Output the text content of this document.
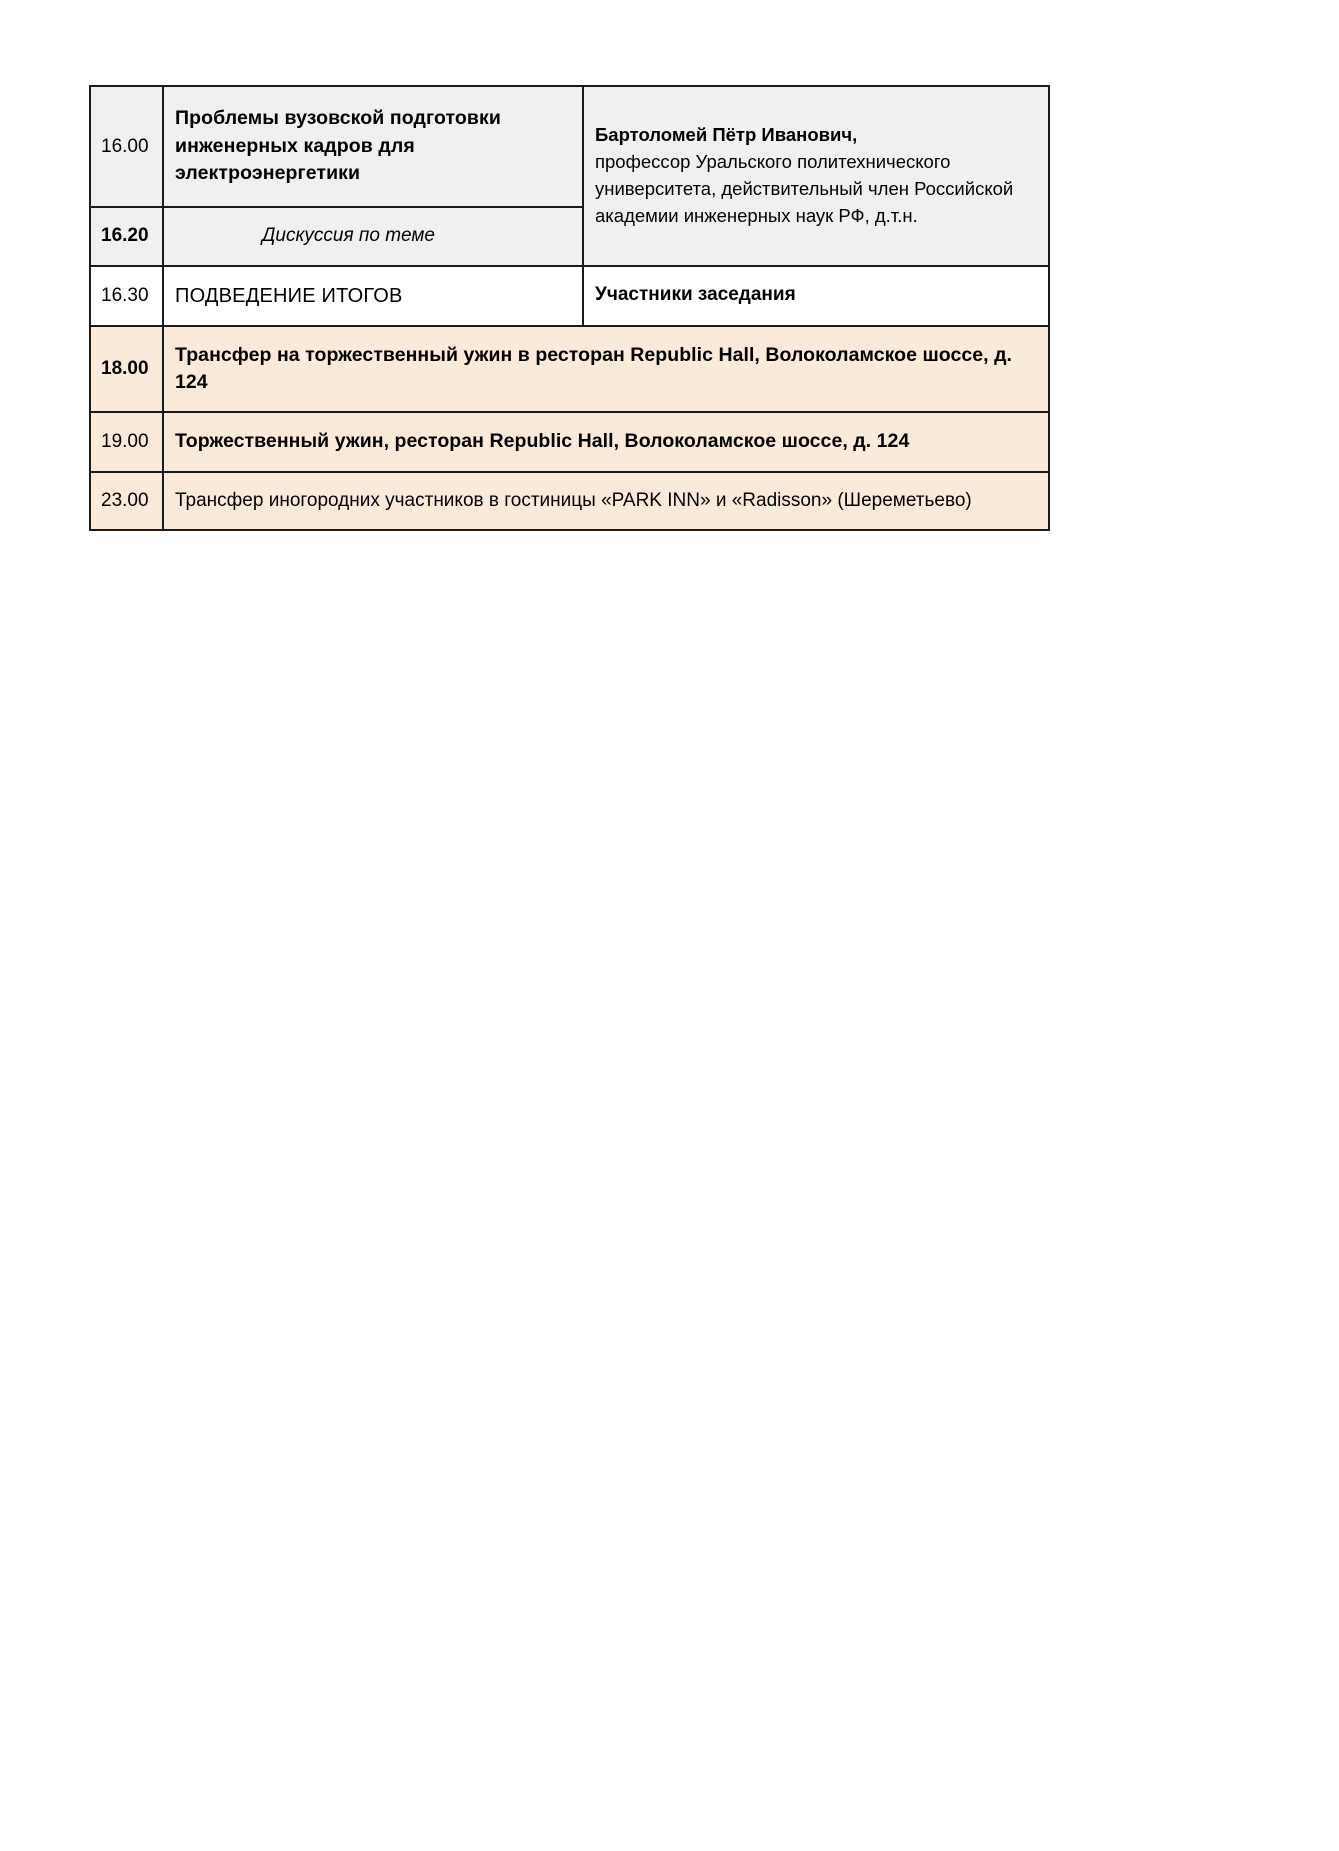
16.00	Проблемы вузовской подготовки инженерных кадров для электроэнергетики	Бартоломей Пётр Иванович,
профессор Уральского политехнического университета, действительный член Российской академии инженерных наук РФ, д.т.н.

16.20	Дискуссия по теме	

16.30	ПОДВЕДЕНИЕ ИТОГОВ	Участники заседания

18.00	Трансфер на торжественный ужин в ресторан Republic Hall, Волоколамское шоссе, д. 124	

19.00	Торжественный ужин, ресторан Republic Hall, Волоколамское шоссе, д. 124	

23.00	Трансфер иногородних участников в гостиницы «PARK INN» и «Radisson» (Шереметьево)	
